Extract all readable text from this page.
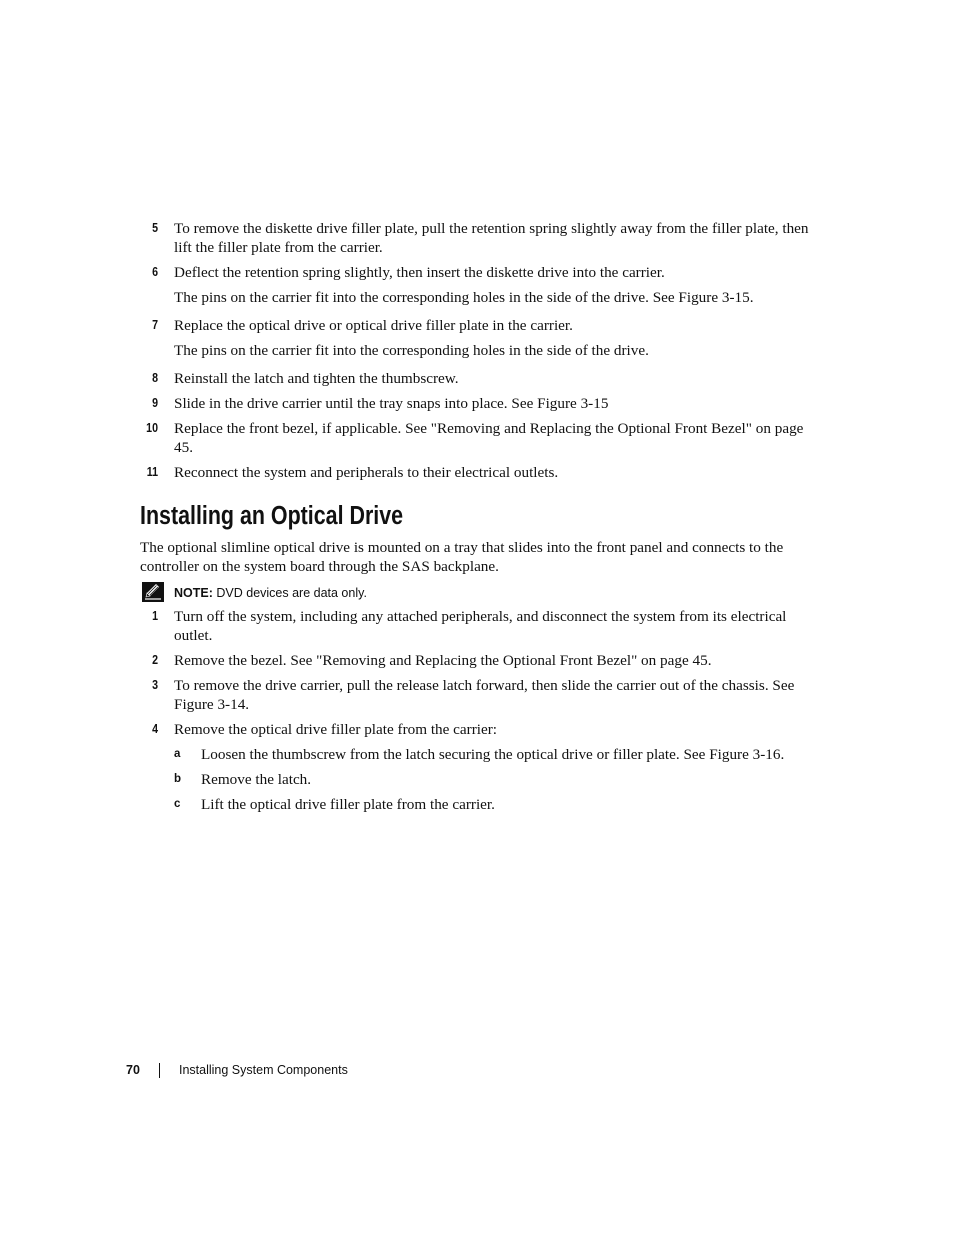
5 To remove the diskette drive filler plate, pull the retention spring slightly away from the filler plate, then lift the filler plate from the carrier.
6 Deflect the retention spring slightly, then insert the diskette drive into the carrier.
The pins on the carrier fit into the corresponding holes in the side of the drive. See Figure 3-15.
7 Replace the optical drive or optical drive filler plate in the carrier.
The pins on the carrier fit into the corresponding holes in the side of the drive.
8 Reinstall the latch and tighten the thumbscrew.
9 Slide in the drive carrier until the tray snaps into place. See Figure 3-15
10 Replace the front bezel, if applicable. See "Removing and Replacing the Optional Front Bezel" on page 45.
11 Reconnect the system and peripherals to their electrical outlets.
Installing an Optical Drive
The optional slimline optical drive is mounted on a tray that slides into the front panel and connects to the controller on the system board through the SAS backplane.
NOTE: DVD devices are data only.
1 Turn off the system, including any attached peripherals, and disconnect the system from its electrical outlet.
2 Remove the bezel. See "Removing and Replacing the Optional Front Bezel" on page 45.
3 To remove the drive carrier, pull the release latch forward, then slide the carrier out of the chassis. See Figure 3-14.
4 Remove the optical drive filler plate from the carrier:
a Loosen the thumbscrew from the latch securing the optical drive or filler plate. See Figure 3-16.
b Remove the latch.
c Lift the optical drive filler plate from the carrier.
70	Installing System Components
